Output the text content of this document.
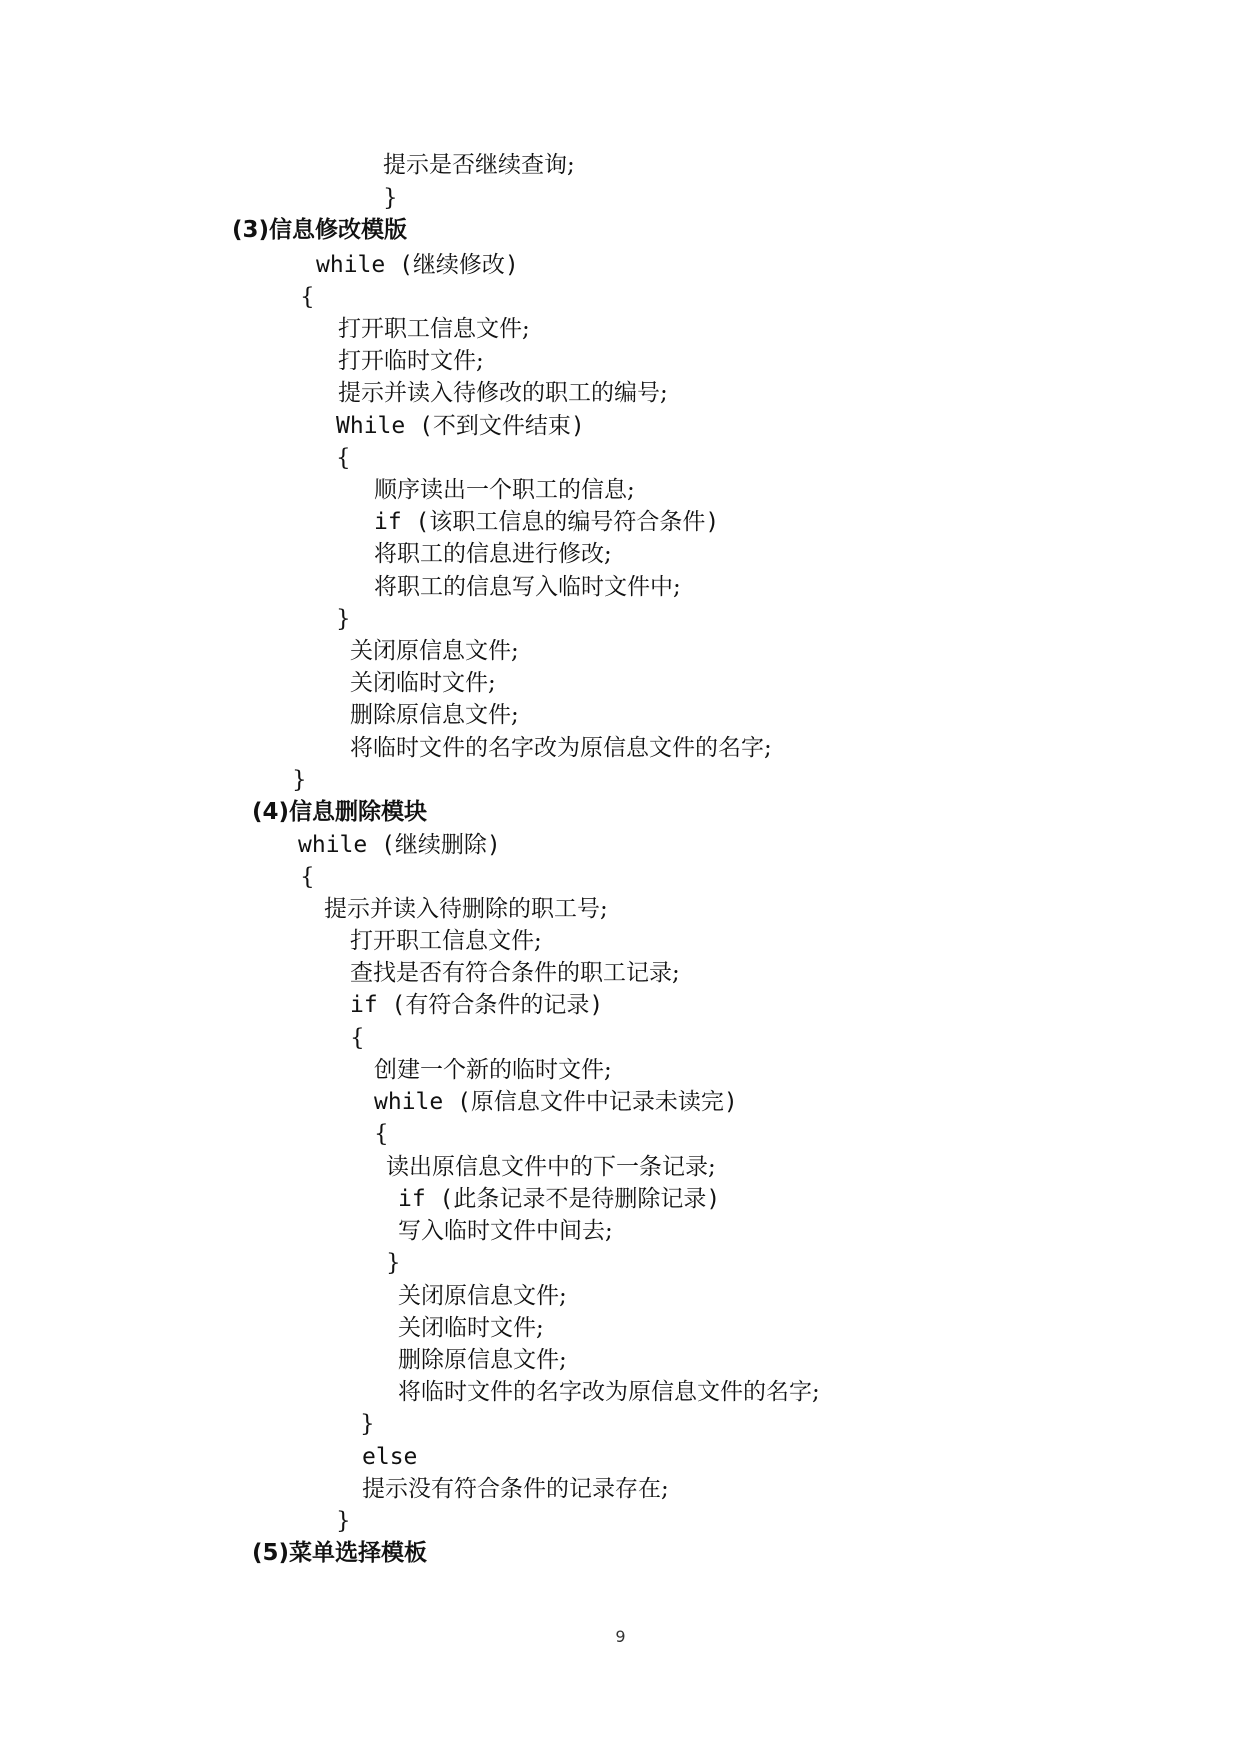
提示是否继续查询;
}
(3)信息修改模版
while (继续修改)
{
打开职工信息文件;
打开临时文件;
提示并读入待修改的职工的编号;
While (不到文件结束)
{
顺序读出一个职工的信息;
if (该职工信息的编号符合条件)
将职工的信息进行修改;
将职工的信息写入临时文件中;
}
关闭原信息文件;
关闭临时文件;
删除原信息文件;
将临时文件的名字改为原信息文件的名字;
}
(4)信息删除模块
while (继续删除)
{
提示并读入待删除的职工号;
打开职工信息文件;
查找是否有符合条件的职工记录;
if (有符合条件的记录)
{
创建一个新的临时文件;
while (原信息文件中记录未读完)
{
读出原信息文件中的下一条记录;
if (此条记录不是待删除记录)
写入临时文件中间去;
}
关闭原信息文件;
关闭临时文件;
删除原信息文件;
将临时文件的名字改为原信息文件的名字;
}
else
提示没有符合条件的记录存在;
}
(5)菜单选择模板
9
